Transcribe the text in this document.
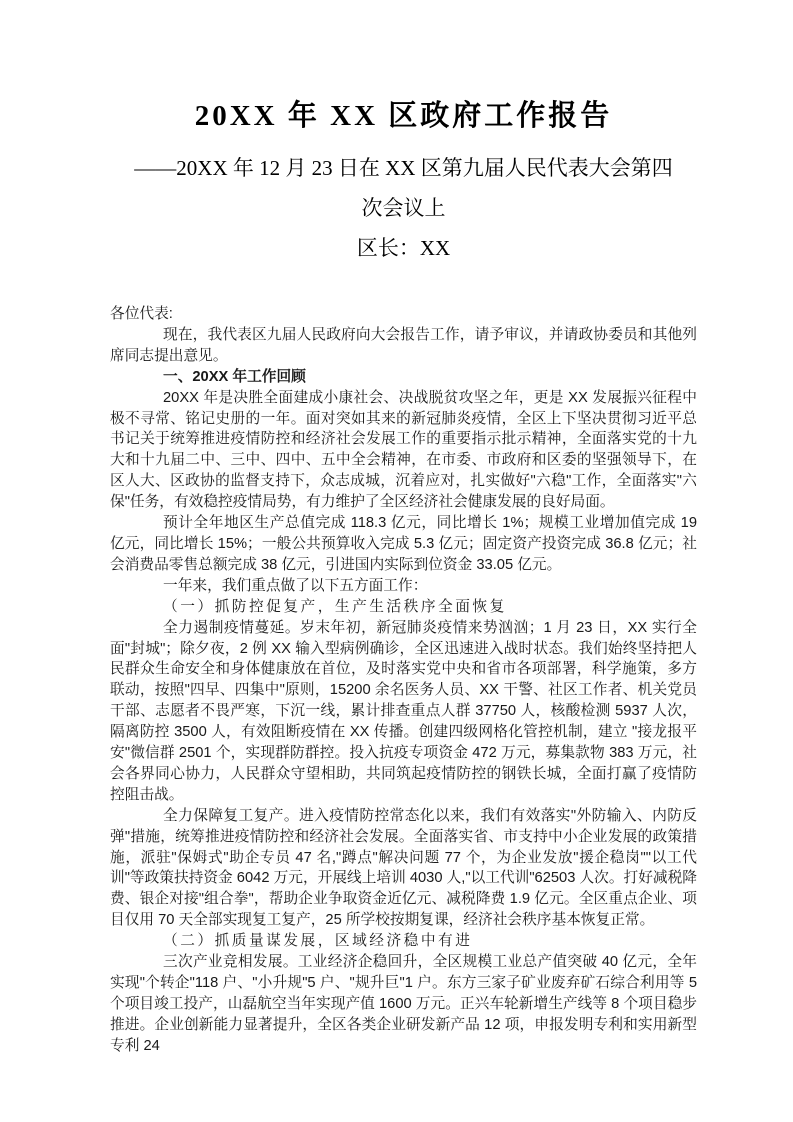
20XX 年 XX 区政府工作报告
——20XX 年 12 月 23 日在 XX 区第九届人民代表大会第四
次会议上
区长：XX

各位代表:

现在，我代表区九届人民政府向大会报告工作，请予审议，并请政协委员和其他列席同志提出意见。

一、20XX 年工作回顾

20XX 年是决胜全面建成小康社会、决战脱贫攻坚之年，更是 XX 发展振兴征程中极不寻常、铭记史册的一年。面对突如其来的新冠肺炎疫情，全区上下坚决贯彻习近平总书记关于统筹推进疫情防控和经济社会发展工作的重要指示批示精神，全面落实党的十九大和十九届二中、三中、四中、五中全会精神，在市委、市政府和区委的坚强领导下，在区人大、区政协的监督支持下，众志成城，沉着应对，扎实做好"六稳"工作，全面落实"六保"任务，有效稳控疫情局势，有力维护了全区经济社会健康发展的良好局面。

预计全年地区生产总值完成 118.3 亿元，同比增长 1%；规模工业增加值完成 19 亿元，同比增长 15%；一般公共预算收入完成 5.3 亿元；固定资产投资完成 36.8 亿元；社会消费品零售总额完成 38 亿元，引进国内实际到位资金 33.05 亿元。

一年来，我们重点做了以下五方面工作：

（一）抓防控促复产，生产生活秩序全面恢复

全力遏制疫情蔓延。岁末年初，新冠肺炎疫情来势汹汹；1 月 23 日，XX 实行全面"封城"；除夕夜，2 例 XX 输入型病例确诊，全区迅速进入战时状态。我们始终坚持把人民群众生命安全和身体健康放在首位，及时落实党中央和省市各项部署，科学施策，多方联动，按照"四早、四集中"原则，15200 余名医务人员、XX 干警、社区工作者、机关党员干部、志愿者不畏严寒，下沉一线，累计排查重点人群 37750 人，核酸检测 5937 人次，隔离防控 3500 人，有效阻断疫情在 XX 传播。创建四级网格化管控机制，建立 "接龙报平安"微信群 2501 个，实现群防群控。投入抗疫专项资金 472 万元，募集款物 383 万元，社会各界同心协力，人民群众守望相助，共同筑起疫情防控的钢铁长城，全面打赢了疫情防控阻击战。

全力保障复工复产。进入疫情防控常态化以来，我们有效落实"外防输入、内防反弹"措施，统筹推进疫情防控和经济社会发展。全面落实省、市支持中小企业发展的政策措施，派驻"保姆式"助企专员 47 名,"蹲点"解决问题 77 个，为企业发放"援企稳岗""以工代训"等政策扶持资金 6042 万元，开展线上培训 4030 人,"以工代训"62503 人次。打好减税降费、银企对接"组合拳"，帮助企业争取资金近亿元、减税降费 1.9 亿元。全区重点企业、项目仅用 70 天全部实现复工复产，25 所学校按期复课，经济社会秩序基本恢复正常。

（二）抓质量谋发展，区域经济稳中有进

三次产业竞相发展。工业经济企稳回升，全区规模工业总产值突破 40 亿元，全年实现"个转企"118 户、"小升规"5 户、"规升巨"1 户。东方三家子矿业废弃矿石综合利用等 5 个项目竣工投产，山磊航空当年实现产值 1600 万元。正兴车轮新增生产线等 8 个项目稳步推进。企业创新能力显著提升，全区各类企业研发新产品 12 项，申报发明专利和实用新型专利 24
